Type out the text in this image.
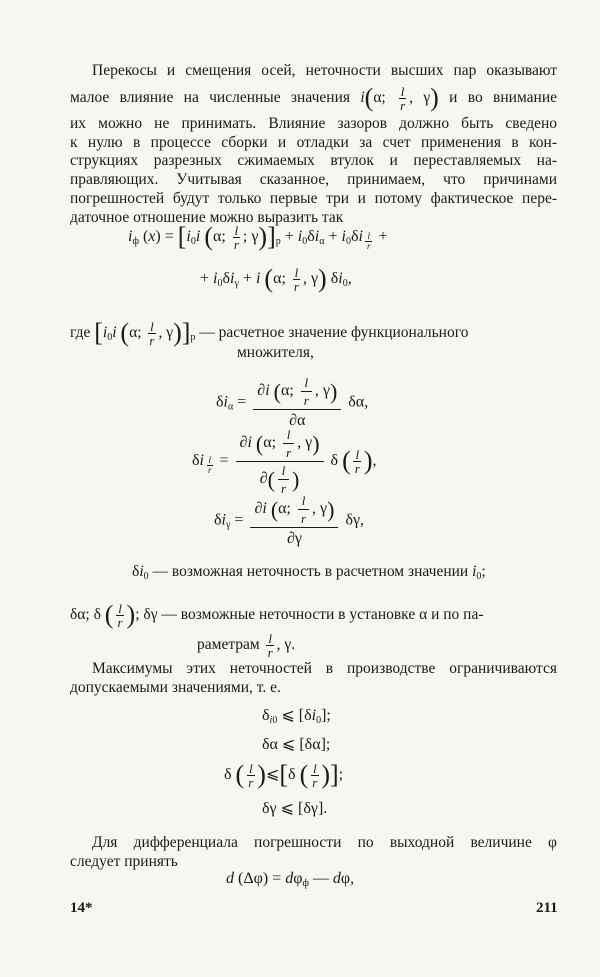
Перекосы и смещения осей, неточности высших пар оказывают
малое влияние на численные значения i(α; $\frac{l}{r}$ , γ) и во внимание
их можно не принимать. Влияние зазоров должно быть сведено
к нулю в процессе сборки и отладки за счет применения в кон-
струкциях разрезных сжимаемых втулок и переставляемых на-
правляющих. Учитывая сказанное, принимаем, что причинами
погрешностей будут только первые три и потому фактическое пере-
даточное отношение можно выразить так
$i_ф$ $(x) = [i_0i$ (α; $\frac{l}{r}$ ; $\gamma)]_р + i_0\delta i_\alpha + i_0\delta i$ $_{\frac{l}{r}}$ +
+ $i_0\delta i_\gamma + i$ (α; $\frac{l}{r}$ , γ) $\delta i_0$,
где [$i_0i$ (α; $\frac{l}{r}$ , $\gamma)]_р$ — расчетное значение функционального
множителя,
$\delta i_\alpha = \frac{\partial i (\alpha; \frac{l}{r} , \gamma)}{\partial\alpha} \delta\alpha$,
δi $_{\frac{l}{r}} = \frac{\partial i (\alpha; \frac{l}{r} , \gamma)}{\partial( \frac{l}{r} )}$ δ ( $\frac{l}{r}$ ),
$\delta i_\gamma = \frac{\partial i (\alpha; \frac{l}{r} , \gamma)}{\partial\gamma} \delta\gamma$,
$\delta i_0$ — возможная неточность в расчетном значении $i_0$;
δα; δ ( $\frac{l}{r}$ ); δγ — возможные неточности в установке α и по па-
раметрам $\frac{l}{r}$ , γ.
Максимумы этих неточностей в производстве ограничиваются
допускаемыми значениями, т. е.
$\delta_{i0}$ ⩽ $[\delta i_0]$;
δα ⩽ [δα];
δ ( $\frac{l}{r}$ )⩽[δ ( $\frac{l}{r}$ )];
δγ ⩽ [δγ].
Для дифференциала погрешности по выходной величине φ
следует принять
d $(\Delta\varphi) = d\varphi_ф$ — dφ,
14*	211
